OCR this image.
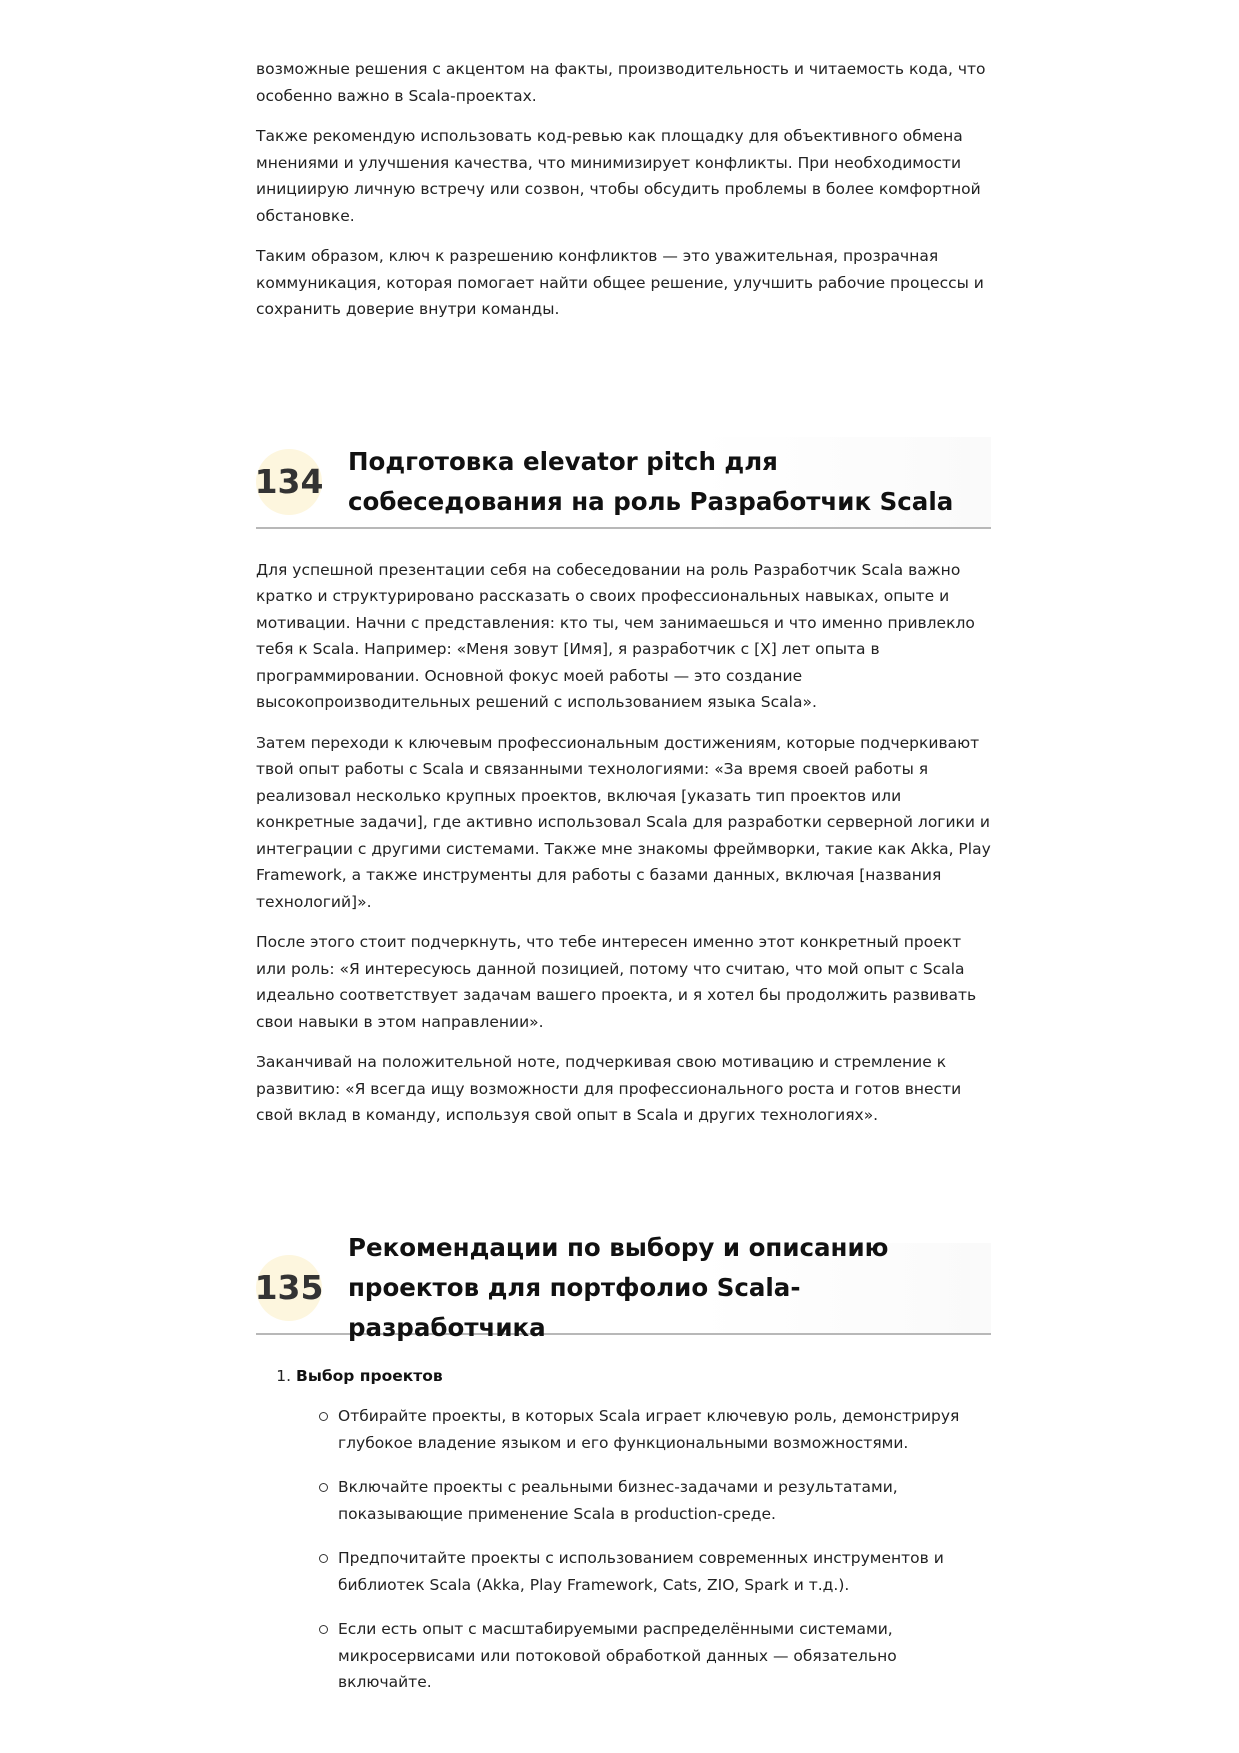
возможные решения с акцентом на факты, производительность и читаемость кода, что особенно важно в Scala-проектах.

Также рекомендую использовать код-ревью как площадку для объективного обмена мнениями и улучшения качества, что минимизирует конфликты. При необходимости инициирую личную встречу или созвон, чтобы обсудить проблемы в более комфортной обстановке.

Таким образом, ключ к разрешению конфликтов — это уважительная, прозрачная коммуникация, которая помогает найти общее решение, улучшить рабочие процессы и сохранить доверие внутри команды.

134
Подготовка elevator pitch для собеседования на роль Разработчик Scala

Для успешной презентации себя на собеседовании на роль Разработчик Scala важно кратко и структурировано рассказать о своих профессиональных навыках, опыте и мотивации. Начни с представления: кто ты, чем занимаешься и что именно привлекло тебя к Scala. Например: «Меня зовут [Имя], я разработчик с [X] лет опыта в программировании. Основной фокус моей работы — это создание высокопроизводительных решений с использованием языка Scala».

Затем переходи к ключевым профессиональным достижениям, которые подчеркивают твой опыт работы с Scala и связанными технологиями: «За время своей работы я реализовал несколько крупных проектов, включая [указать тип проектов или конкретные задачи], где активно использовал Scala для разработки серверной логики и интеграции с другими системами. Также мне знакомы фреймворки, такие как Akka, Play Framework, а также инструменты для работы с базами данных, включая [названия технологий]».

После этого стоит подчеркнуть, что тебе интересен именно этот конкретный проект или роль: «Я интересуюсь данной позицией, потому что считаю, что мой опыт с Scala идеально соответствует задачам вашего проекта, и я хотел бы продолжить развивать свои навыки в этом направлении».

Заканчивай на положительной ноте, подчеркивая свою мотивацию и стремление к развитию: «Я всегда ищу возможности для профессионального роста и готов внести свой вклад в команду, используя свой опыт в Scala и других технологиях».

135
Рекомендации по выбору и описанию проектов для портфолио Scala-разработчика
1. Выбор проектов
Отбирайте проекты, в которых Scala играет ключевую роль, демонстрируя глубокое владение языком и его функциональными возможностями.
Включайте проекты с реальными бизнес-задачами и результатами, показывающие применение Scala в production-среде.
Предпочитайте проекты с использованием современных инструментов и библиотек Scala (Akka, Play Framework, Cats, ZIO, Spark и т.д.).
Если есть опыт с масштабируемыми распределёнными системами, микросервисами или потоковой обработкой данных — обязательно включайте.
